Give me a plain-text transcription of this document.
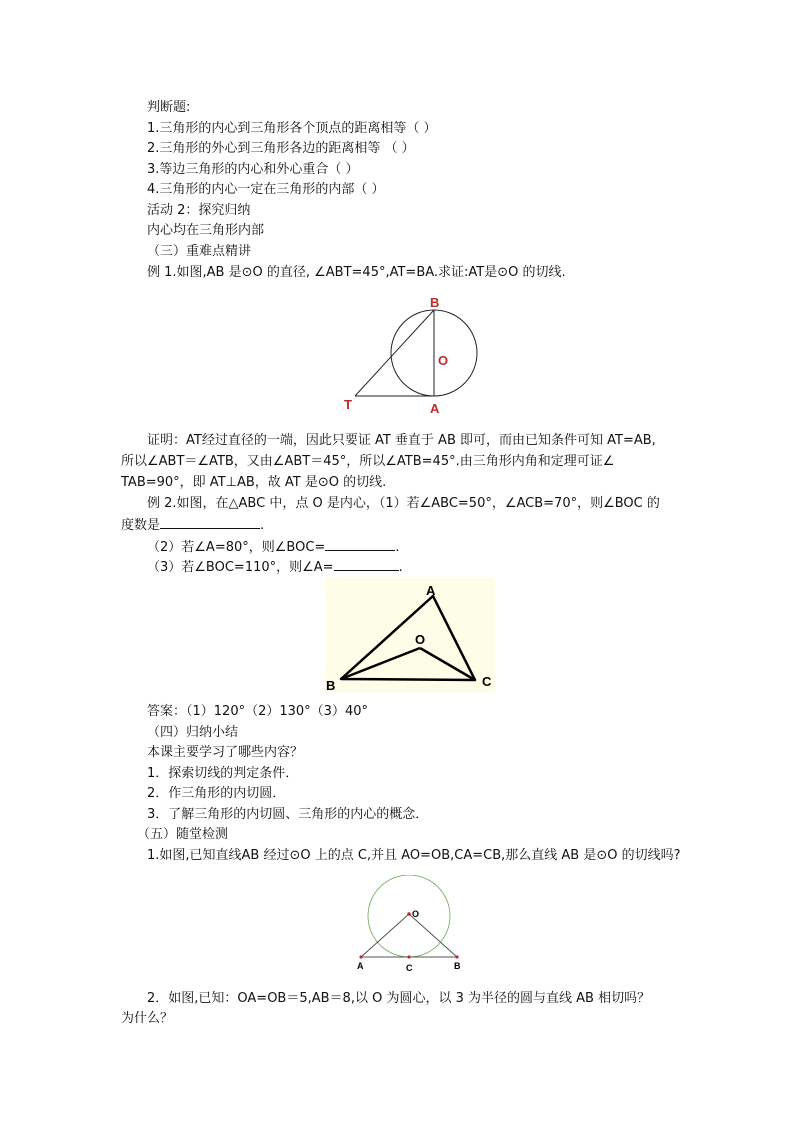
判断题:
1.三角形的内心到三角形各个顶点的距离相等（ ）
2.三角形的外心到三角形各边的距离相等 （ ）
3.等边三角形的内心和外心重合（ ）
4.三角形的内心一定在三角形的内部（ ）
活动 2：探究归纳
内心均在三角形内部
（三）重难点精讲
例 1.如图,AB 是⊙O 的直径, ∠ABT=45°,AT=BA.求证:AT是⊙O 的切线.
B
O
T	A
证明：AT经过直径的一端，因此只要证 AT 垂直于 AB 即可，而由已知条件可知 AT=AB,
所以∠ABT＝∠ATB，又由∠ABT＝45°，所以∠ATB=45°.由三角形内角和定理可证∠
TAB=90°，即 AT⊥AB，故 AT 是⊙O 的切线.
例 2.如图，在△ABC 中，点 O 是内心，（1）若∠ABC=50°，∠ACB=70°，则∠BOC 的
度数是	.
（2）若∠A=80°，则∠BOC=	.
（3）若∠BOC=110°，则∠A=	.
A
O
B	C
答案：（1）120°（2）130°（3）40°
（四）归纳小结
本课主要学习了哪些内容？
1．探索切线的判定条件．
2．作三角形的内切圆．
3．了解三角形的内切圆、三角形的内心的概念．
（五）随堂检测
1.如图,已知直线AB 经过⊙O 上的点 C,并且 AO=OB,CA=CB,那么直线 AB 是⊙O 的切线吗?
O
A	C	B
2．如图,已知：OA=OB＝5,AB＝8,以 O 为圆心，以 3 为半径的圆与直线 AB 相切吗？
为什么？
